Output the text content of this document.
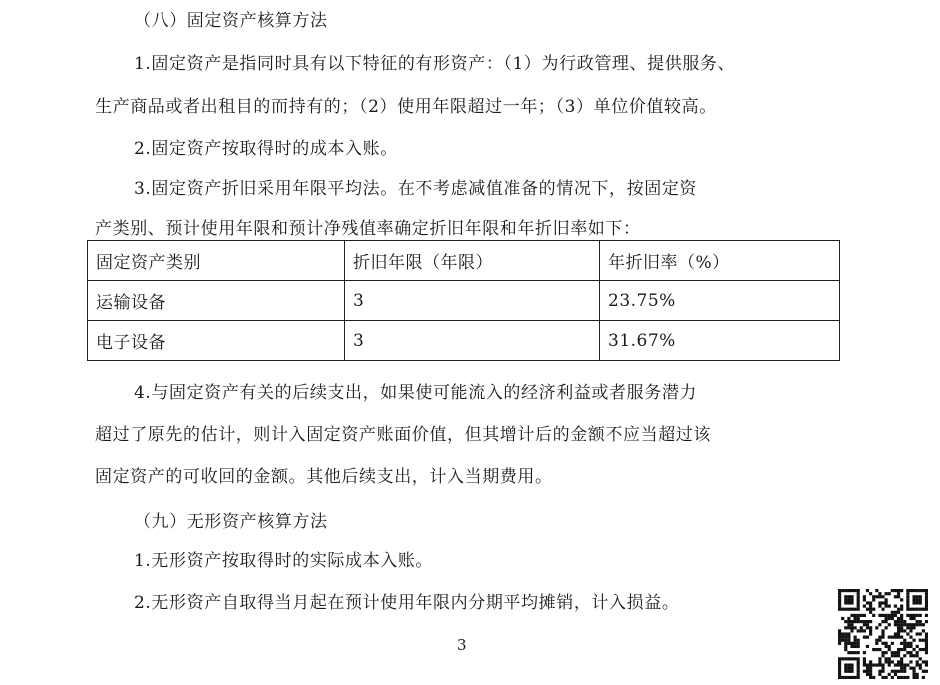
（八）固定资产核算方法
1.固定资产是指同时具有以下特征的有形资产：（1）为行政管理、提供服务、
生产商品或者出租目的而持有的；（2）使用年限超过一年；（3）单位价值较高。
2.固定资产按取得时的成本入账。
3.固定资产折旧采用年限平均法。在不考虑减值准备的情况下，按固定资
产类别、预计使用年限和预计净残值率确定折旧年限和年折旧率如下：
固定资产类别	折旧年限（年限）	年折旧率（%）
运输设备	3	23.75%
电子设备	3	31.67%
4.与固定资产有关的后续支出，如果使可能流入的经济利益或者服务潜力
超过了原先的估计，则计入固定资产账面价值，但其增计后的金额不应当超过该
固定资产的可收回的金额。其他后续支出，计入当期费用。
（九）无形资产核算方法
1.无形资产按取得时的实际成本入账。
2.无形资产自取得当月起在预计使用年限内分期平均摊销，计入损益。
3
